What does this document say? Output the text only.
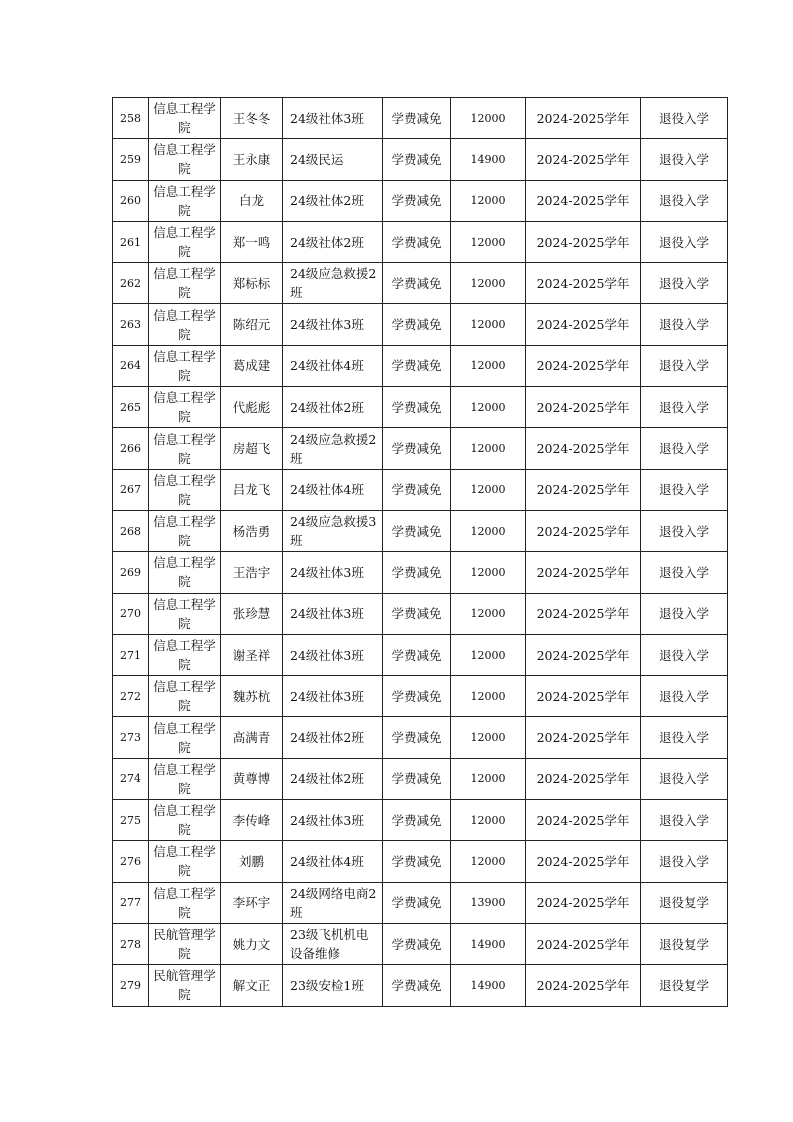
258	信息工程学院	王冬冬	24级社体3班	学费减免	12000	2024-2025学年	退役入学
259	信息工程学院	王永康	24级民运	学费减免	14900	2024-2025学年	退役入学
260	信息工程学院	白龙	24级社体2班	学费减免	12000	2024-2025学年	退役入学
261	信息工程学院	郑一鸣	24级社体2班	学费减免	12000	2024-2025学年	退役入学
262	信息工程学院	郑标标	24级应急救援2班	学费减免	12000	2024-2025学年	退役入学
263	信息工程学院	陈绍元	24级社体3班	学费减免	12000	2024-2025学年	退役入学
264	信息工程学院	葛成建	24级社体4班	学费减免	12000	2024-2025学年	退役入学
265	信息工程学院	代彪彪	24级社体2班	学费减免	12000	2024-2025学年	退役入学
266	信息工程学院	房超飞	24级应急救援2班	学费减免	12000	2024-2025学年	退役入学
267	信息工程学院	吕龙飞	24级社体4班	学费减免	12000	2024-2025学年	退役入学
268	信息工程学院	杨浩勇	24级应急救援3班	学费减免	12000	2024-2025学年	退役入学
269	信息工程学院	王浩宇	24级社体3班	学费减免	12000	2024-2025学年	退役入学
270	信息工程学院	张珍慧	24级社体3班	学费减免	12000	2024-2025学年	退役入学
271	信息工程学院	谢圣祥	24级社体3班	学费减免	12000	2024-2025学年	退役入学
272	信息工程学院	魏苏杭	24级社体3班	学费减免	12000	2024-2025学年	退役入学
273	信息工程学院	高满青	24级社体2班	学费减免	12000	2024-2025学年	退役入学
274	信息工程学院	黄尊博	24级社体2班	学费减免	12000	2024-2025学年	退役入学
275	信息工程学院	李传峰	24级社体3班	学费减免	12000	2024-2025学年	退役入学
276	信息工程学院	刘鹏	24级社体4班	学费减免	12000	2024-2025学年	退役入学
277	信息工程学院	李环宇	24级网络电商2班	学费减免	13900	2024-2025学年	退役复学
278	民航管理学院	姚力文	23级飞机机电设备维修	学费减免	14900	2024-2025学年	退役复学
279	民航管理学院	解文正	23级安检1班	学费减免	14900	2024-2025学年	退役复学
